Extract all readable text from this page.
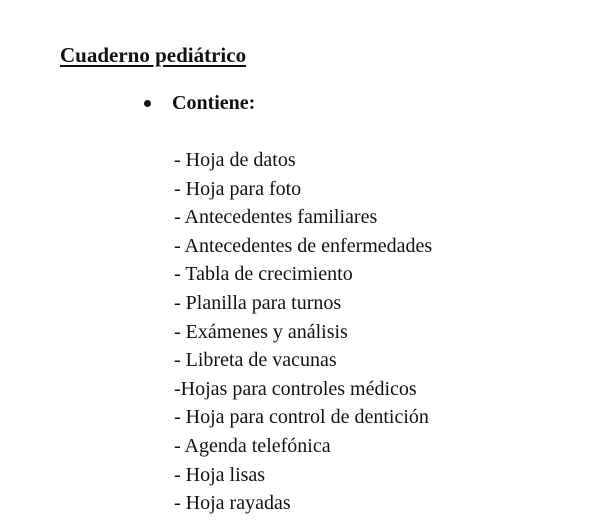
Cuaderno pediátrico
Contiene:
- Hoja de datos
- Hoja para foto
- Antecedentes familiares
- Antecedentes de enfermedades
- Tabla de crecimiento
- Planilla para turnos
- Exámenes y análisis
- Libreta de vacunas
-Hojas para controles médicos
- Hoja para control de dentición
- Agenda telefónica
- Hoja lisas
- Hoja rayadas
